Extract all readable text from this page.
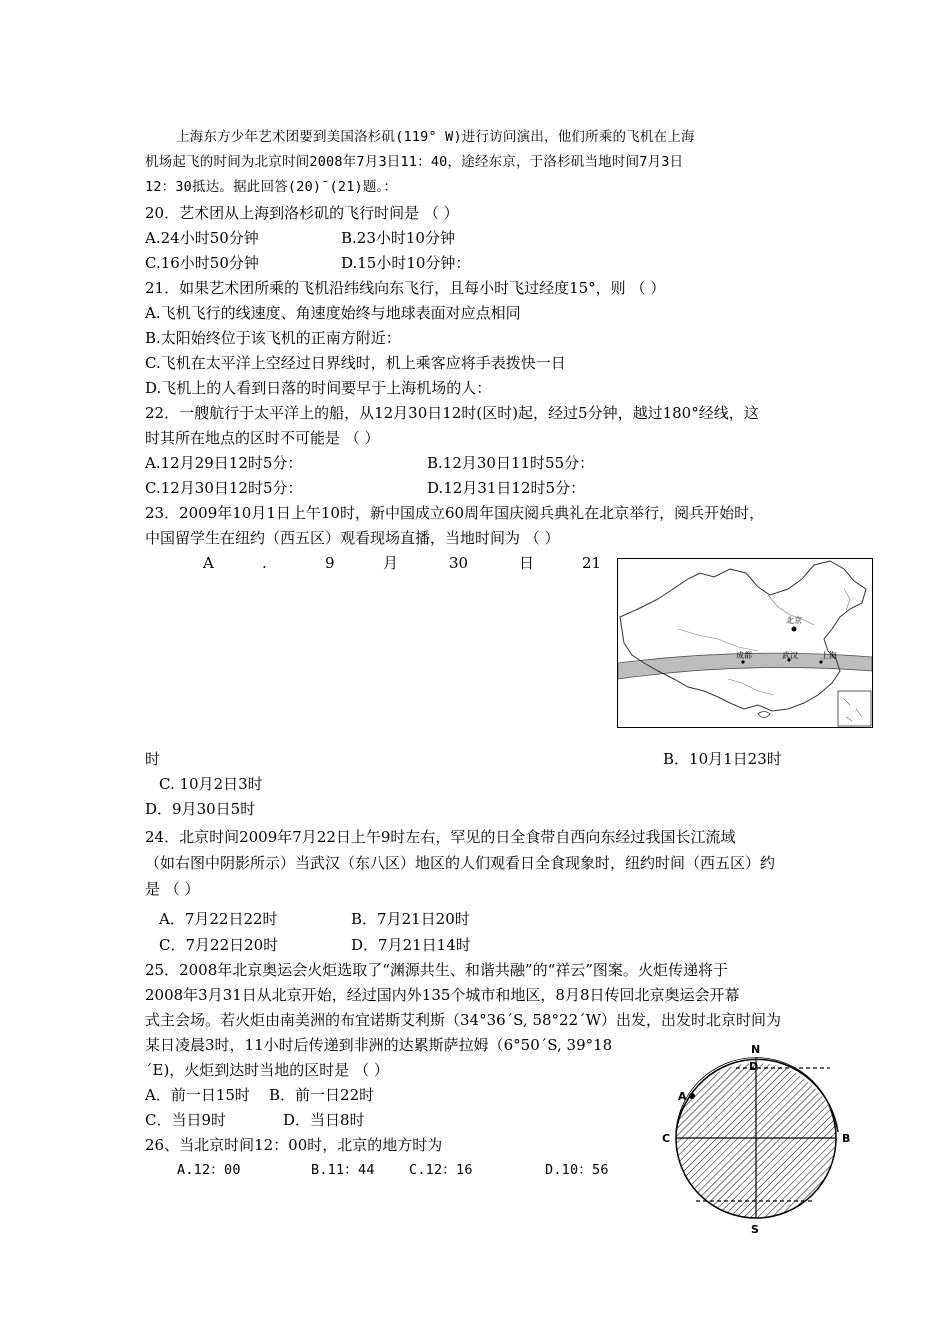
上海东方少年艺术团要到美国洛杉矶(119° W)进行访问演出，他们所乘的飞机在上海
机场起飞的时间为北京时间2008年7月3日11：40，途经东京，于洛杉矶当地时间7月3日
12：30抵达。据此回答(20)¯(21)题。：
20．艺术团从上海到洛杉矶的飞行时间是 （ ）
A.24小时50分钟	B.23小时10分钟
C.16小时50分钟	D.15小时10分钟：
21．如果艺术团所乘的飞机沿纬线向东飞行，且每小时飞过经度15°，则 （ ）
A.飞机飞行的线速度、角速度始终与地球表面对应点相同
B.太阳始终位于该飞机的正南方附近：
C.飞机在太平洋上空经过日界线时，机上乘客应将手表拨快一日
D.飞机上的人看到日落的时间要早于上海机场的人：
22．一艘航行于太平洋上的船，从12月30日12时(区时)起，经过5分钟，越过180°经线，这
时其所在地点的区时不可能是 （ ）
A.12月29日12时5分：	B.12月30日11时55分：
C.12月30日12时5分：	D.12月31日12时5分：
23．2009年10月1日上午10时，新中国成立60周年国庆阅兵典礼在北京举行，阅兵开始时，
中国留学生在纽约（西五区）观看现场直播，当地时间为 （ ）
A	.	9	月	30	日	21
北京
成都	武汉	上海
时	B．10月1日23时
C. 10月2日3时
D．9月30日5时
24．北京时间2009年7月22日上午9时左右，罕见的日全食带自西向东经过我国长江流域
（如右图中阴影所示）当武汉（东八区）地区的人们观看日全食现象时，纽约时间（西五区）约
是 （ ）
A．7月22日22时	B．7月21日20时
C．7月22日20时	D．7月21日14时
25．2008年北京奥运会火炬选取了“渊源共生、和谐共融”的“祥云”图案。火炬传递将于
2008年3月31日从北京开始，经过国内外135个城市和地区，8月8日传回北京奥运会开幕
式主会场。若火炬由南美洲的布宜诺斯艾利斯（34°36´S, 58°22´W）出发，出发时北京时间为
某日凌晨3时，11小时后传递到非洲的达累斯萨拉姆（6°50´S, 39°18
´E)，火炬到达时当地的区时是 （ ）
A．前一日15时 B．前一日22时
C．当日9时	D．当日8时
26、当北京时间12：00时，北京的地方时为
A.12：00	B.11：44	C.12：16	D.10：56
N
D
S
A
B
C
